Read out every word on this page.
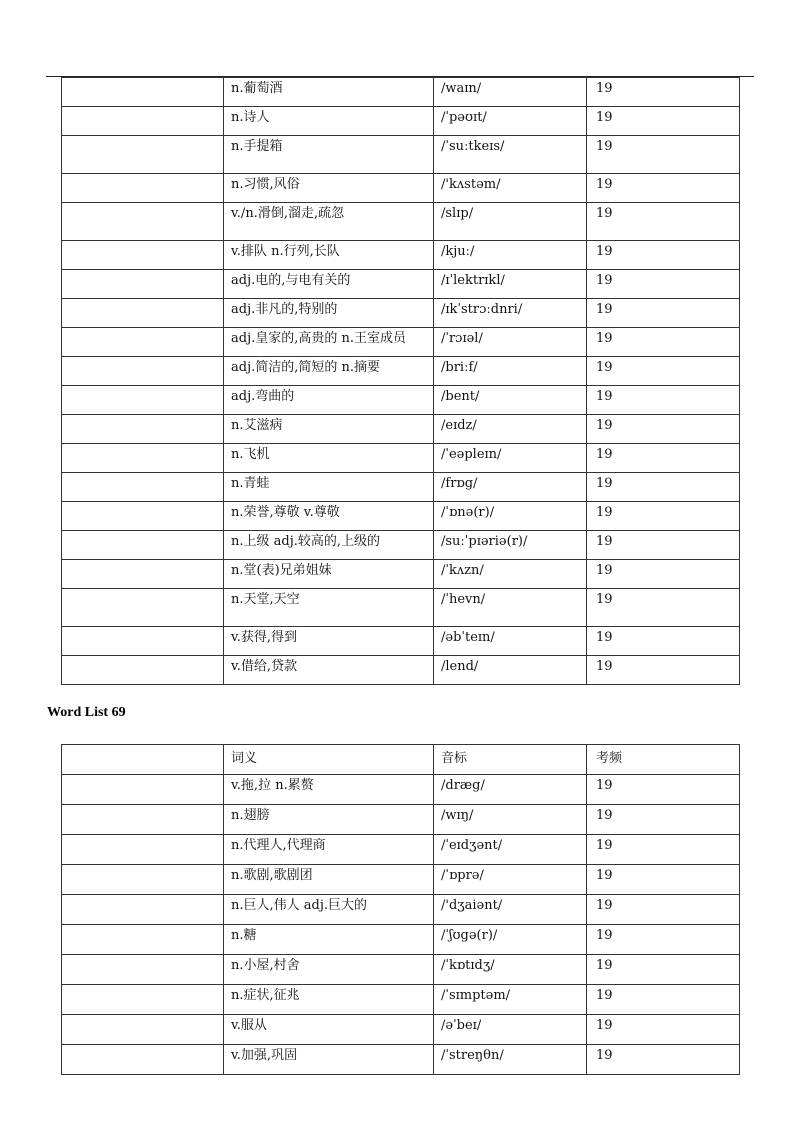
	n.葡萄酒	/waɪn/	19
	n.诗人	/ˈpəʊɪt/	19
	n.手提箱	/ˈsuːtkeɪs/	19
	n.习惯,风俗	/'kʌstəm/	19
	v./n.滑倒,溜走,疏忽	/slɪp/	19
	v.排队 n.行列,长队	/kjuː/	19
	adj.电的,与电有关的	/ɪˈlektrɪkl/	19
	adj.非凡的,特别的	/ɪkˈstrɔːdnri/	19
	adj.皇家的,高贵的 n.王室成员	/ˈrɔɪəl/	19
	adj.简洁的,简短的 n.摘要	/briːf/	19
	adj.弯曲的	/bent/	19
	n.艾滋病	/eɪdz/	19
	n.飞机	/ˈeəpleɪn/	19
	n.青蛙	/frɒg/	19
	n.荣誉,尊敬 v.尊敬	/ˈɒnə(r)/	19
	n.上级 adj.较高的,上级的	/suːˈpɪəriə(r)/	19
	n.堂(表)兄弟姐妹	/ˈkʌzn/	19
	n.天堂,天空	/ˈhevn/	19
	v.获得,得到	/əbˈteɪn/	19
	v.借给,贷款	/lend/	19
Word List 69
	词义	音标	考频
	v.拖,拉 n.累赘	/dræg/	19
	n.翅膀	/wɪŋ/	19
	n.代理人,代理商	/ˈeɪdʒənt/	19
	n.歌剧,歌剧团	/ˈɒprə/	19
	n.巨人,伟人 adj.巨大的	/'dʒaiənt/	19
	n.糖	/ˈʃʊgə(r)/	19
	n.小屋,村舍	/ˈkɒtɪdʒ/	19
	n.症状,征兆	/ˈsɪmptəm/	19
	v.服从	/əˈbeɪ/	19
	v.加强,巩固	/ˈstreŋθn/	19
